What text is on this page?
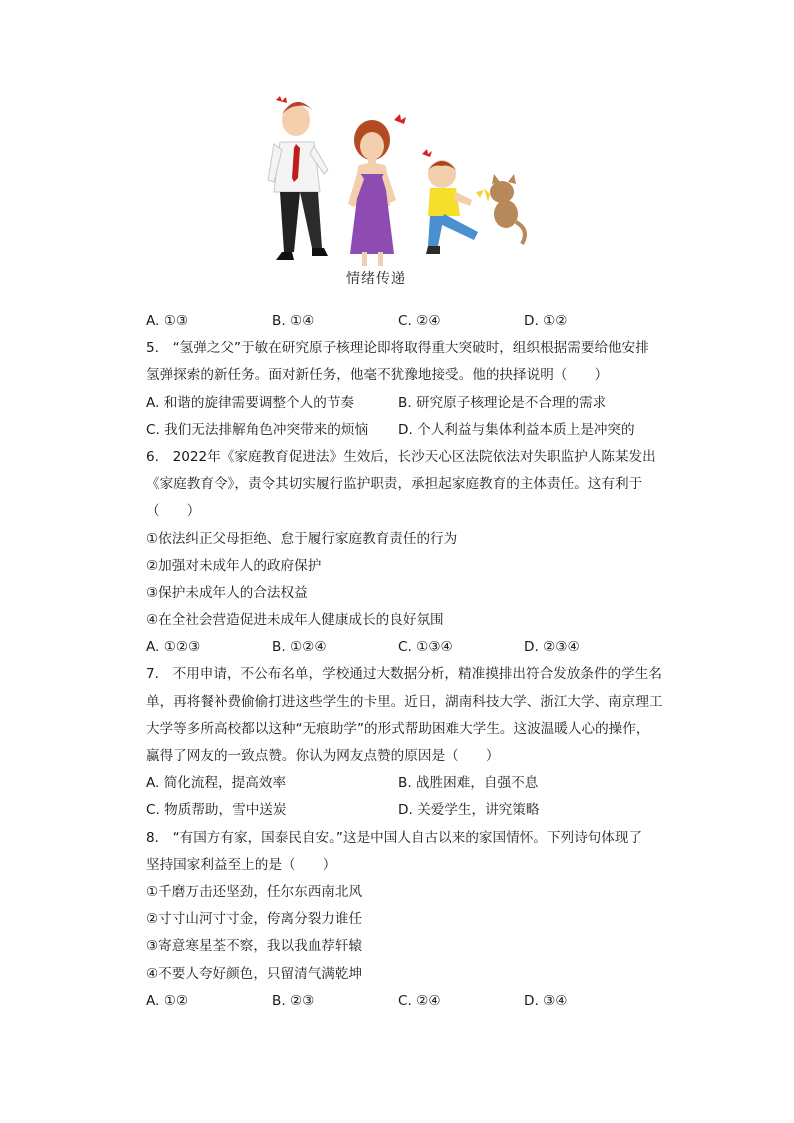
情绪传递
A. ①③	B. ①④	C. ②④	D. ①②
5.　“氢弹之父”于敏在研究原子核理论即将取得重大突破时，组织根据需要给他安排
氢弹探索的新任务。面对新任务，他毫不犹豫地接受。他的抉择说明（　　）
A. 和谐的旋律需要调整个人的节奏	B. 研究原子核理论是不合理的需求
C. 我们无法排解角色冲突带来的烦恼	D. 个人利益与集体利益本质上是冲突的
6.　2022年《家庭教育促进法》生效后，长沙天心区法院依法对失职监护人陈某发出
《家庭教育令》，责令其切实履行监护职责，承担起家庭教育的主体责任。这有利于
（　　）
①依法纠正父母拒绝、怠于履行家庭教育责任的行为
②加强对未成年人的政府保护
③保护未成年人的合法权益
④在全社会营造促进未成年人健康成长的良好氛围
A. ①②③	B. ①②④	C. ①③④	D. ②③④
7.　不用申请，不公布名单，学校通过大数据分析，精准摸排出符合发放条件的学生名
单，再将餐补费偷偷打进这些学生的卡里。近日，湖南科技大学、浙江大学、南京理工
大学等多所高校都以这种“无痕助学”的形式帮助困难大学生。这波温暖人心的操作，
赢得了网友的一致点赞。你认为网友点赞的原因是（　　）
A. 简化流程，提高效率	B. 战胜困难，自强不息
C. 物质帮助，雪中送炭	D. 关爱学生，讲究策略
8.　“有国方有家，国泰民自安。”这是中国人自古以来的家国情怀。下列诗句体现了
坚持国家利益至上的是（　　）
①千磨万击还坚劲，任尔东西南北风
②寸寸山河寸寸金，侉离分裂力谁任
③寄意寒星荃不察，我以我血荐轩辕
④不要人夸好颜色，只留清气满乾坤
A. ①②	B. ②③	C. ②④	D. ③④
